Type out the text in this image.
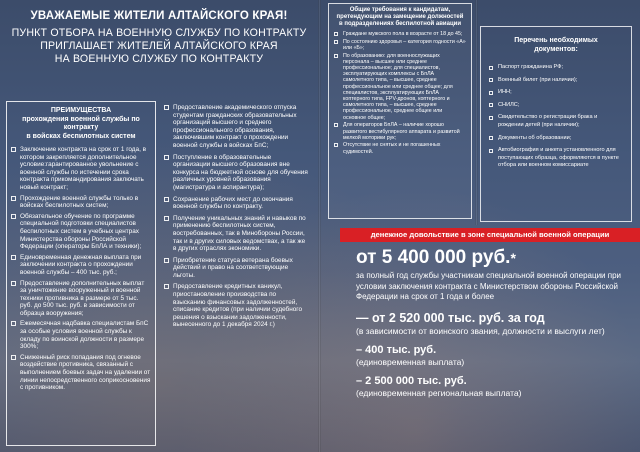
УВАЖАЕМЫЕ ЖИТЕЛИ АЛТАЙСКОГО КРАЯ!
ПУНКТ ОТБОРА НА ВОЕННУЮ СЛУЖБУ ПО КОНТРАКТУ
ПРИГЛАШАЕТ ЖИТЕЛЕЙ АЛТАЙСКОГО КРАЯ
НА ВОЕННУЮ СЛУЖБУ ПО КОНТРАКТУ
ПРЕИМУЩЕСТВА
прохождения военной службы по
контракту
в войсках беспилотных систем
Заключение контракта на срок от 1 года, в котором закрепляется дополнительное условие:гарантированное увольнение с военной службы по истечении срока контракта прикомандирования заключать новый контракт;
Прохождение военной службы только в войсках беспилотных систем;
Обязательное обучение по программе специальной подготовки специалистов беспилотных систем в учебных центрах Министерства обороны Российской Федерации (операторы БпЛА и техники);
Единовременная денежная выплата при заключении контракта о прохождении военной службы – 400 тыс. руб.;
Предоставление дополнительных выплат за уничтожение вооруженный и военной техники противника в размере от 5 тыс. руб. до 500 тыс. руб. в зависимости от образца вооружения;
Ежемесячная надбавка специалистам БпС за особые условия военной службы к окладу по воинской должности в размере 300%;
Сниженный риск попадания под огневое воздействие противника, связанный с выполнением боевых задач на удалении от линии непосредственного соприкосновения с противником.
Предоставление академического отпуска студентам гражданских образовательных организаций высшего и среднего профессионального образования, заключившим контракт о прохождении военной службы в войсках БпС;
Поступление в образовательные организации высшего образования вне конкурса на бюджетной основе для обучения различных уровней образования (магистратура и аспирантура);
Сохранение рабочих мест до окончания военной службы по контракту.
Получение уникальных знаний и навыков по применению беспилотных систем, востребованных, так в Минобороны России, так и в других силовых ведомствах, а так же в других отраслях экономики.
Приобретение статуса ветерана боевых действий и право на соответствующие льготы.
Предоставление кредитных каникул, приостановление производства по взысканию финансовых задолженностей, списание кредитов (при наличии судебного решения о взыскании задолженности, вынесенного до 1 декабря 2024 г.)
Общие требования к кандидатам,
претендующим на замещение должностей
в подразделениях беспилотной авиации
Граждане мужского пола в возрасте от 18 до 45;
По состоянию здоровья – категория годности «А» или «Б»;
По образованию: для военнослужащих персонала – высшее или среднее профессиональное; для специалистов, эксплуатирующих комплексы с БпЛА самолетного типа, – высшее, среднее профессиональное или среднее общее; для специалистов, эксплуатирующих БпЛА коптерного типа, FPV-дронов, коптерного и самолетного типа, – высшее, среднее профессиональное, среднее общее или основное общее;
Для операторов БпЛА – наличие хорошо развитого вестибулярного аппарата и развитой мелкой моторики рук;
Отсутствие не снятых и не погашенных судимостей.
Перечень необходимых
документов:
Паспорт гражданина РФ;
Военный билет (при наличии);
ИНН;
СНИЛС;
Свидетельство о регистрации брака и рождении детей (при наличии);
Документы об образовании;
Автобиография и анкета установленного для поступающих образца, оформляются в пункте отбора или военном комиссариате
денежное довольствие в зоне специальной военной операции
от 5 400 000 руб.*
за полный год службы участникам специальной военной операции при условии заключения контракта с Министерством обороны Российской Федерации на срок от 1 года и более
— от 2 520 000 тыс. руб. за год
(в зависимости от воинского звания, должности и выслуги лет)
– 400 тыс. руб.
(единовременная выплата)
– 2 500 000 тыс. руб.
(единовременная региональная выплата)
